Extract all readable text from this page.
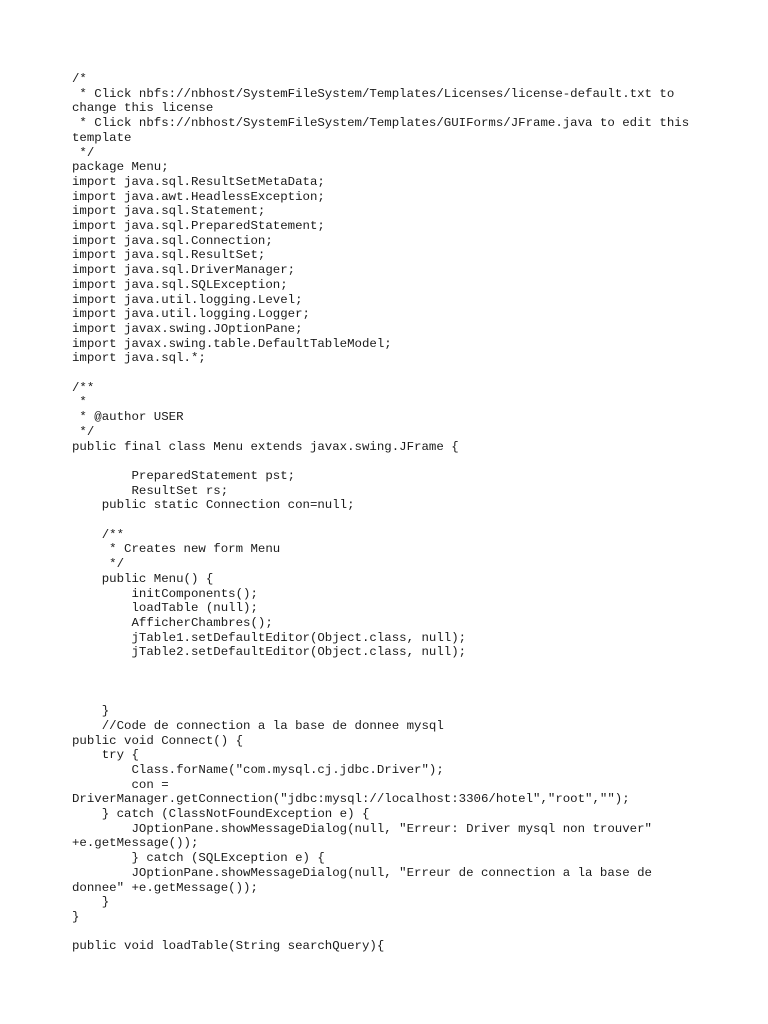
/*
* Click nbfs://nbhost/SystemFileSystem/Templates/Licenses/license-default.txt to
change this license
* Click nbfs://nbhost/SystemFileSystem/Templates/GUIForms/JFrame.java to edit this
template
*/
package Menu;
import java.sql.ResultSetMetaData;
import java.awt.HeadlessException;
import java.sql.Statement;
import java.sql.PreparedStatement;
import java.sql.Connection;
import java.sql.ResultSet;
import java.sql.DriverManager;
import java.sql.SQLException;
import java.util.logging.Level;
import java.util.logging.Logger;
import javax.swing.JOptionPane;
import javax.swing.table.DefaultTableModel;
import java.sql.*;
/**
*
* @author USER
*/
public final class Menu extends javax.swing.JFrame {
PreparedStatement pst;
ResultSet rs;
public static Connection con=null;
/**
* Creates new form Menu
*/
public Menu() {
initComponents();
loadTable (null);
AfficherChambres();
jTable1.setDefaultEditor(Object.class, null);
jTable2.setDefaultEditor(Object.class, null);
}
//Code de connection a la base de donnee mysql
public void Connect() {
try {
Class.forName("com.mysql.cj.jdbc.Driver");
con =
DriverManager.getConnection("jdbc:mysql://localhost:3306/hotel","root","");
} catch (ClassNotFoundException e) {
JOptionPane.showMessageDialog(null, "Erreur: Driver mysql non trouver"
+e.getMessage());
} catch (SQLException e) {
JOptionPane.showMessageDialog(null, "Erreur de connection a la base de
donnee" +e.getMessage());
}
}
public void loadTable(String searchQuery){
